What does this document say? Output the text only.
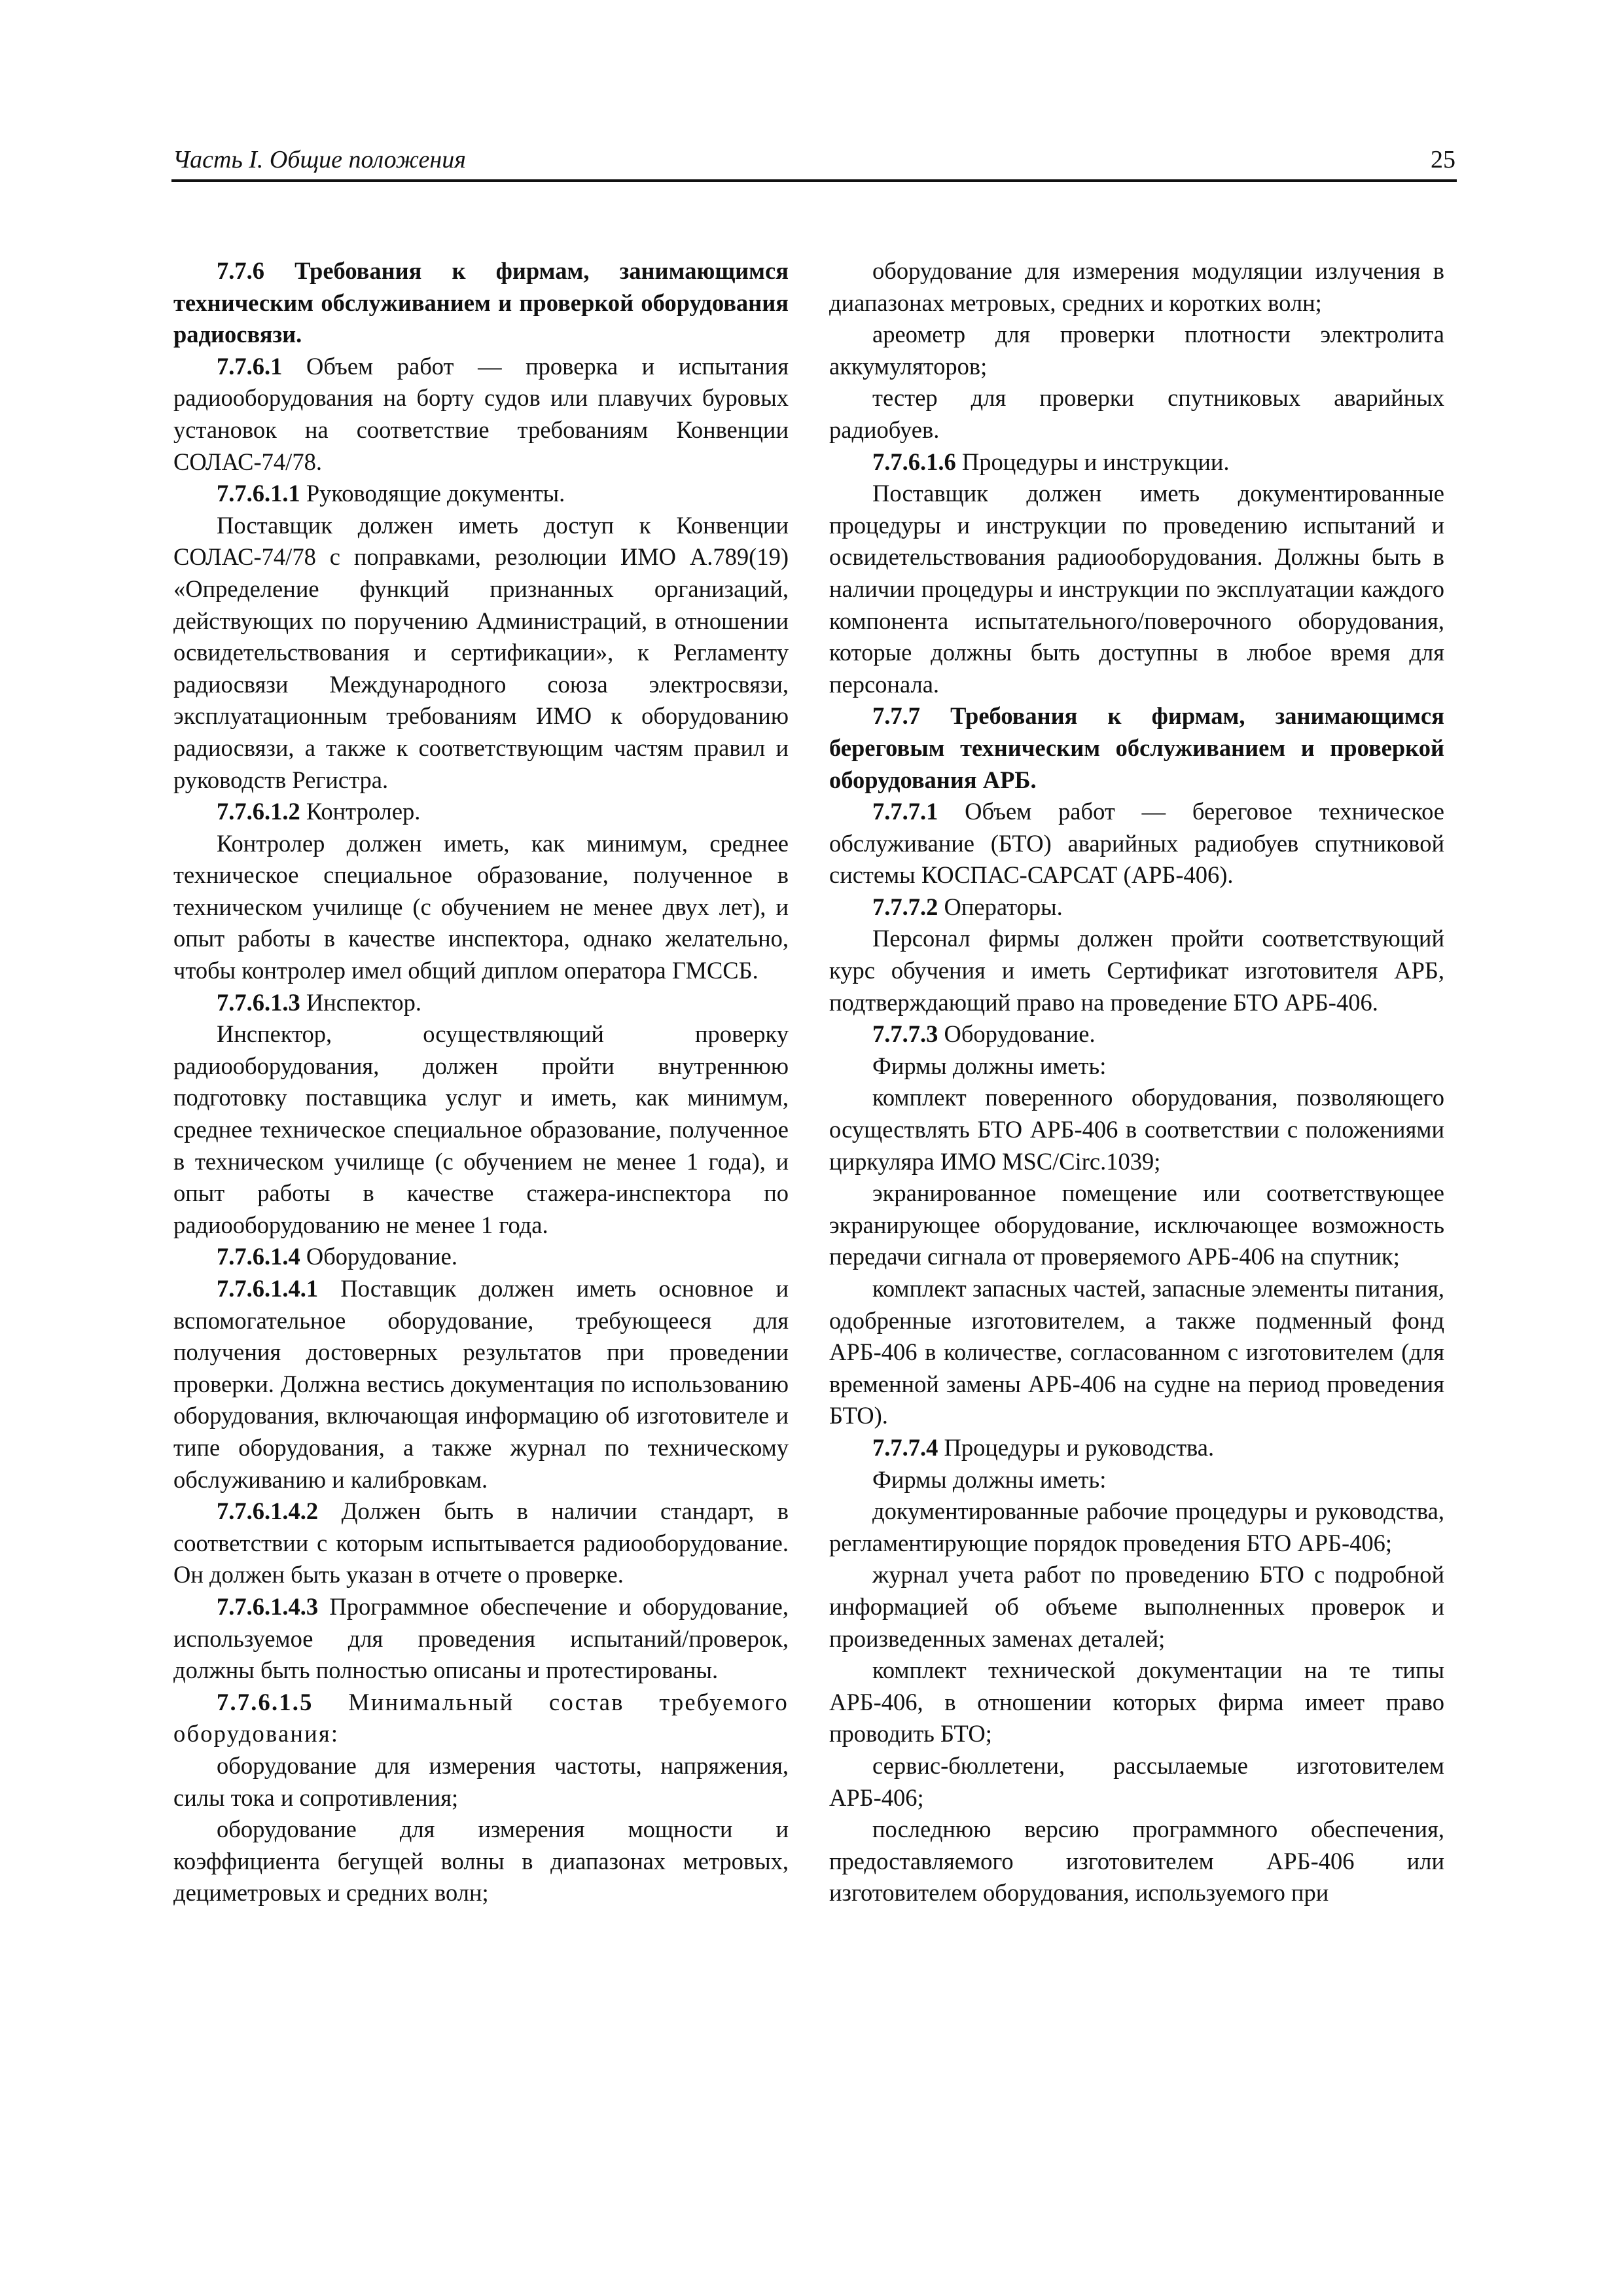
Часть I. Общие положения	25

7.7.6 Требования к фирмам, занимающимся техническим обслуживанием и проверкой оборудования радиосвязи.

7.7.6.1 Объем работ — проверка и испытания радиооборудования на борту судов или плавучих буровых установок на соответствие требованиям Конвенции СОЛАС-74/78.

7.7.6.1.1 Руководящие документы.

Поставщик должен иметь доступ к Конвенции СОЛАС-74/78 с поправками, резолюции ИМО A.789(19) «Определение функций признанных организаций, действующих по поручению Администраций, в отношении освидетельствования и сертификации», к Регламенту радиосвязи Международного союза электросвязи, эксплуатационным требованиям ИМО к оборудованию радиосвязи, а также к соответствующим частям правил и руководств Регистра.

7.7.6.1.2 Контролер.

Контролер должен иметь, как минимум, среднее техническое специальное образование, полученное в техническом училище (с обучением не менее двух лет), и опыт работы в качестве инспектора, однако желательно, чтобы контролер имел общий диплом оператора ГМССБ.

7.7.6.1.3 Инспектор.

Инспектор, осуществляющий проверку радиооборудования, должен пройти внутреннюю подготовку поставщика услуг и иметь, как минимум, среднее техническое специальное образование, полученное в техническом училище (с обучением не менее 1 года), и опыт работы в качестве стажера-инспектора по радиооборудованию не менее 1 года.

7.7.6.1.4 Оборудование.

7.7.6.1.4.1 Поставщик должен иметь основное и вспомогательное оборудование, требующееся для получения достоверных результатов при проведении проверки. Должна вестись документация по использованию оборудования, включающая информацию об изготовителе и типе оборудования, а также журнал по техническому обслуживанию и калибровкам.

7.7.6.1.4.2 Должен быть в наличии стандарт, в соответствии с которым испытывается радиооборудование. Он должен быть указан в отчете о проверке.

7.7.6.1.4.3 Программное обеспечение и оборудование, используемое для проведения испытаний/проверок, должны быть полностью описаны и протестированы.

7.7.6.1.5 Минимальный состав требуемого оборудования:

оборудование для измерения частоты, напряжения, силы тока и сопротивления;

оборудование для измерения мощности и коэффициента бегущей волны в диапазонах метровых, дециметровых и средних волн;

оборудование для измерения модуляции излучения в диапазонах метровых, средних и коротких волн;

ареометр для проверки плотности электролита аккумуляторов;

тестер для проверки спутниковых аварийных радиобуев.

7.7.6.1.6 Процедуры и инструкции.

Поставщик должен иметь документированные процедуры и инструкции по проведению испытаний и освидетельствования радиооборудования. Должны быть в наличии процедуры и инструкции по эксплуатации каждого компонента испытательного/поверочного оборудования, которые должны быть доступны в любое время для персонала.

7.7.7 Требования к фирмам, занимающимся береговым техническим обслуживанием и проверкой оборудования АРБ.

7.7.7.1 Объем работ — береговое техническое обслуживание (БТО) аварийных радиобуев спутниковой системы КОСПАС-САРСАТ (АРБ-406).

7.7.7.2 Операторы.

Персонал фирмы должен пройти соответствующий курс обучения и иметь Сертификат изготовителя АРБ, подтверждающий право на проведение БТО АРБ-406.

7.7.7.3 Оборудование.

Фирмы должны иметь:

комплект поверенного оборудования, позволяющего осуществлять БТО АРБ-406 в соответствии с положениями циркуляра ИМО MSC/Circ.1039;

экранированное помещение или соответствующее экранирующее оборудование, исключающее возможность передачи сигнала от проверяемого АРБ-406 на спутник;

комплект запасных частей, запасные элементы питания, одобренные изготовителем, а также подменный фонд АРБ-406 в количестве, согласованном с изготовителем (для временной замены АРБ-406 на судне на период проведения БТО).

7.7.7.4 Процедуры и руководства.

Фирмы должны иметь:

документированные рабочие процедуры и руководства, регламентирующие порядок проведения БТО АРБ-406;

журнал учета работ по проведению БТО с подробной информацией об объеме выполненных проверок и произведенных заменах деталей;

комплект технической документации на те типы АРБ-406, в отношении которых фирма имеет право проводить БТО;

сервис-бюллетени, рассылаемые изготовителем АРБ-406;

последнюю версию программного обеспечения, предоставляемого изготовителем АРБ-406 или изготовителем оборудования, используемого при
